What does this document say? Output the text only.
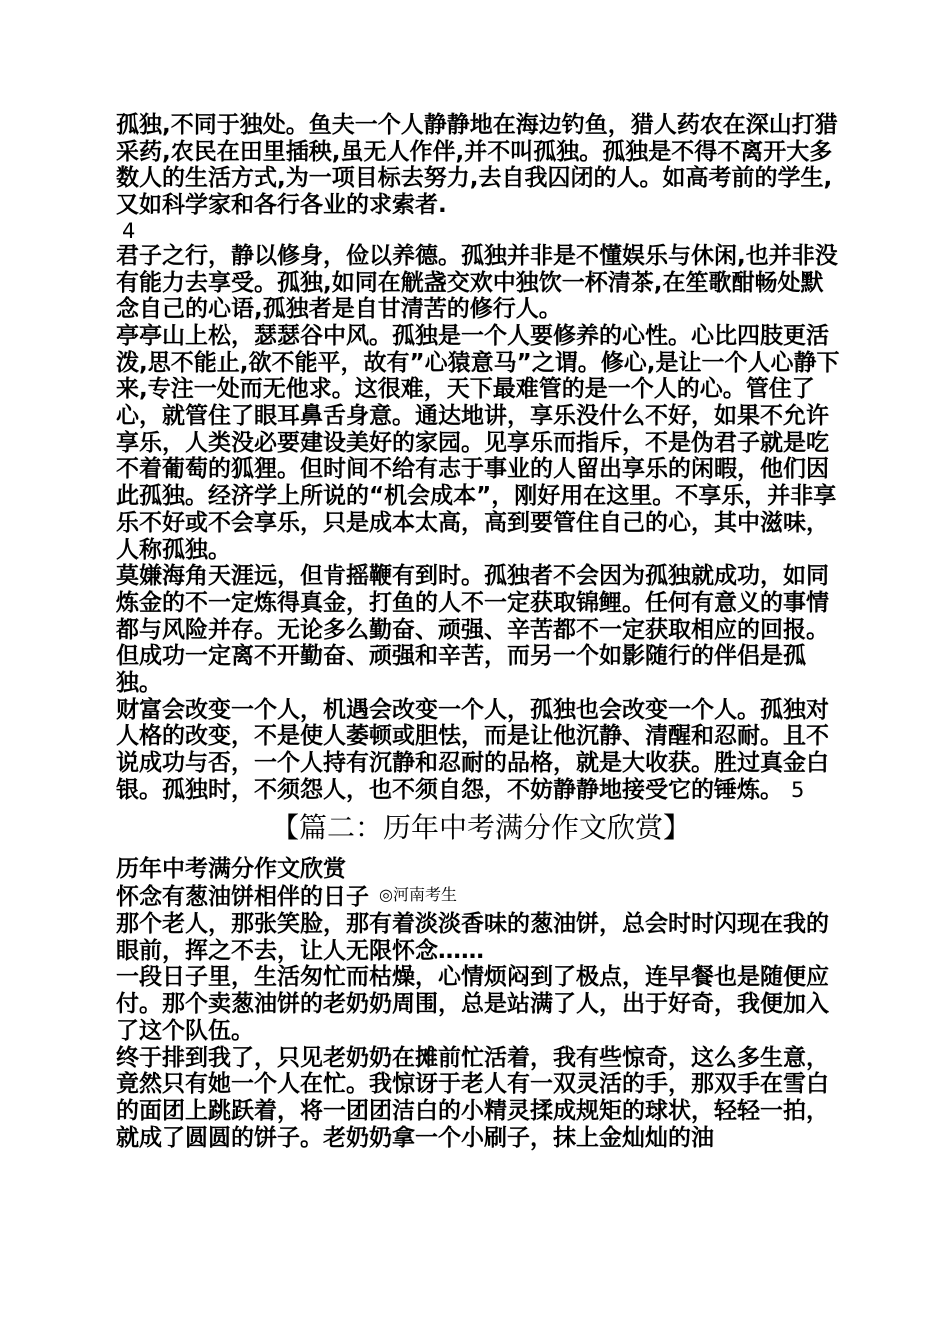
孤独,不同于独处。鱼夫一个人静静地在海边钓鱼，猎人药农在深山打猎采药,农民在田里插秧,虽无人作伴,并不叫孤独。孤独是不得不离开大多数人的生活方式,为一项目标去努力,去自我囚闭的人。如高考前的学生,又如科学家和各行各业的求索者.

4

君子之行，静以修身，俭以养德。孤独并非是不懂娱乐与休闲,也并非没有能力去享受。孤独,如同在觥盏交欢中独饮一杯清茶,在笙歌酣畅处默念自己的心语,孤独者是自甘清苦的修行人。

亭亭山上松，瑟瑟谷中风。孤独是一个人要修养的心性。心比四肢更活泼,思不能止,欲不能平，故有”心猿意马”之谓。修心,是让一个人心静下来,专注一处而无他求。这很难，天下最难管的是一个人的心。管住了心，就管住了眼耳鼻舌身意。通达地讲，享乐没什么不好，如果不允许享乐，人类没必要建设美好的家园。见享乐而指斥，不是伪君子就是吃不着葡萄的狐狸。但时间不给有志于事业的人留出享乐的闲暇，他们因此孤独。经济学上所说的“机会成本”，刚好用在这里。不享乐，并非享乐不好或不会享乐，只是成本太高，高到要管住自己的心，其中滋味，人称孤独。

莫嫌海角天涯远，但肯摇鞭有到时。孤独者不会因为孤独就成功，如同炼金的不一定炼得真金，打鱼的人不一定获取锦鲤。任何有意义的事情都与风险并存。无论多么勤奋、顽强、辛苦都不一定获取相应的回报。但成功一定离不开勤奋、顽强和辛苦，而另一个如影随行的伴侣是孤独。

财富会改变一个人，机遇会改变一个人，孤独也会改变一个人。孤独对人格的改变，不是使人萎顿或胆怯，而是让他沉静、清醒和忍耐。且不说成功与否，一个人持有沉静和忍耐的品格，就是大收获。胜过真金白银。孤独时，不须怨人，也不须自怨，不妨静静地接受它的锤炼。 5

【篇二：历年中考满分作文欣赏】

历年中考满分作文欣赏

怀念有葱油饼相伴的日子 ◎河南考生

那个老人，那张笑脸，那有着淡淡香味的葱油饼，总会时时闪现在我的眼前，挥之不去，让人无限怀念……

一段日子里，生活匆忙而枯燥，心情烦闷到了极点，连早餐也是随便应付。那个卖葱油饼的老奶奶周围，总是站满了人，出于好奇，我便加入了这个队伍。

终于排到我了，只见老奶奶在摊前忙活着，我有些惊奇，这么多生意，竟然只有她一个人在忙。我惊讶于老人有一双灵活的手，那双手在雪白的面团上跳跃着，将一团团洁白的小精灵揉成规矩的球状，轻轻一拍，就成了圆圆的饼子。老奶奶拿一个小刷子，抹上金灿灿的油
